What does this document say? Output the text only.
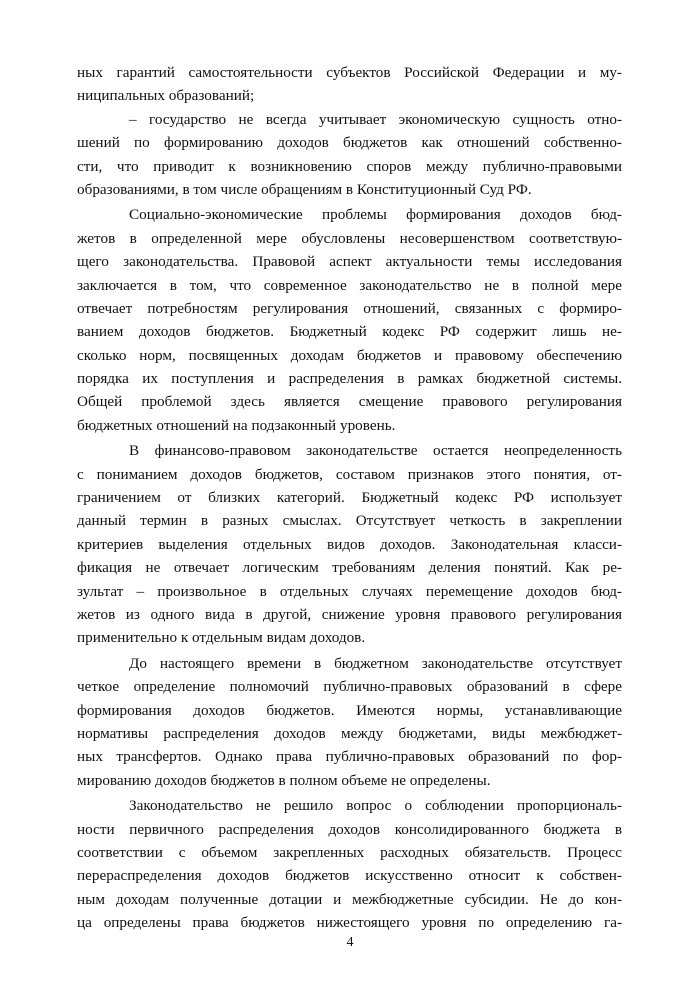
ных гарантий самостоятельности субъектов Российской Федерации и му-
ниципальных образований;
– государство не всегда учитывает экономическую сущность отно-
шений по формированию доходов бюджетов как отношений собственно-
сти, что приводит к возникновению споров между публично-правовыми
образованиями, в том числе обращениям в Конституционный Суд РФ.
Социально-экономические проблемы формирования доходов бюд-
жетов в определенной мере обусловлены несовершенством соответствую-
щего законодательства. Правовой аспект актуальности темы исследования
заключается в том, что современное законодательство не в полной мере
отвечает потребностям регулирования отношений, связанных с формиро-
ванием доходов бюджетов. Бюджетный кодекс РФ содержит лишь не-
сколько норм, посвященных доходам бюджетов и правовому обеспечению
порядка их поступления и распределения в рамках бюджетной системы.
Общей проблемой здесь является смещение правового регулирования
бюджетных отношений на подзаконный уровень.
В финансово-правовом законодательстве остается неопределенность
с пониманием доходов бюджетов, составом признаков этого понятия, от-
граничением от близких категорий. Бюджетный кодекс РФ использует
данный термин в разных смыслах. Отсутствует четкость в закреплении
критериев выделения отдельных видов доходов. Законодательная класси-
фикация не отвечает логическим требованиям деления понятий. Как ре-
зультат – произвольное в отдельных случаях перемещение доходов бюд-
жетов из одного вида в другой, снижение уровня правового регулирования
применительно к отдельным видам доходов.
До настоящего времени в бюджетном законодательстве отсутствует
четкое определение полномочий публично-правовых образований в сфере
формирования доходов бюджетов. Имеются нормы, устанавливающие
нормативы распределения доходов между бюджетами, виды межбюджет-
ных трансфертов. Однако права публично-правовых образований по фор-
мированию доходов бюджетов в полном объеме не определены.
Законодательство не решило вопрос о соблюдении пропорциональ-
ности первичного распределения доходов консолидированного бюджета в
соответствии с объемом закрепленных расходных обязательств. Процесс
перераспределения доходов бюджетов искусственно относит к собствен-
ным доходам полученные дотации и межбюджетные субсидии. Не до кон-
ца определены права бюджетов нижестоящего уровня по определению га-
4
